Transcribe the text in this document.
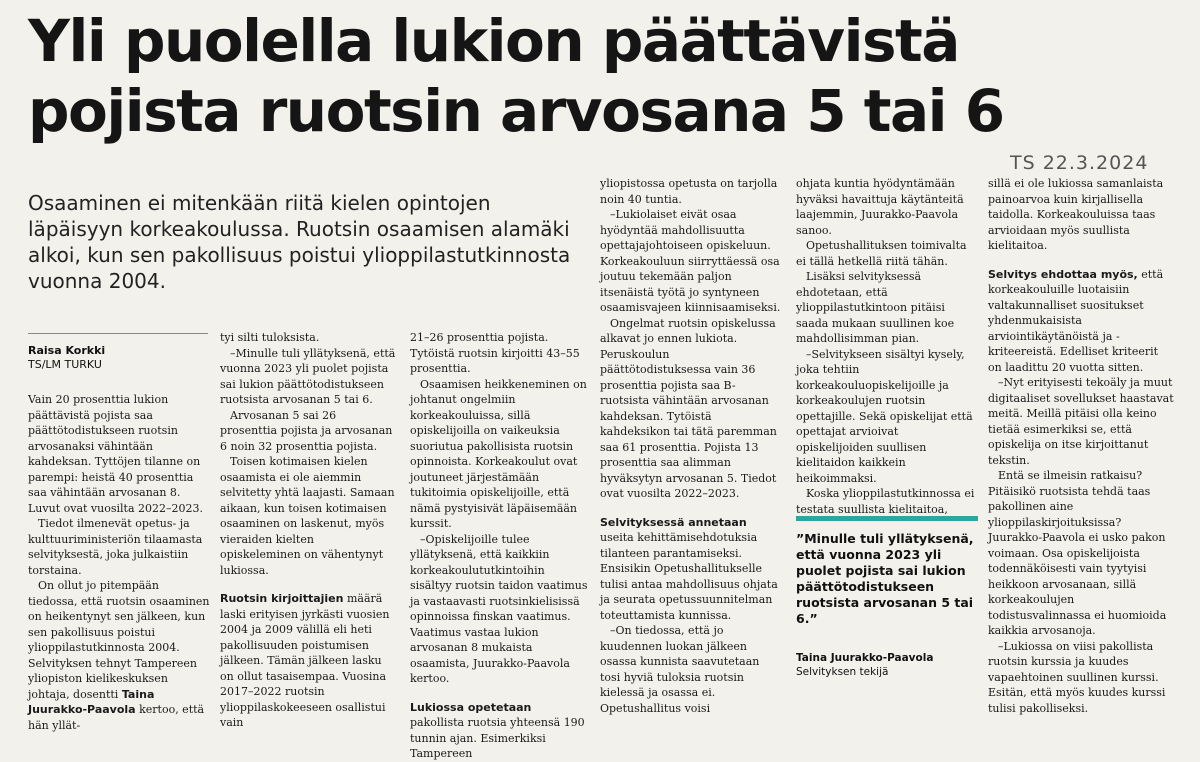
Yli puolella lukion päättävistä
pojista ruotsin arvosana 5 tai 6
TS 22.3.2024
Osaaminen ei mitenkään riitä kielen opintojen läpäisyyn korkeakoulussa. Ruotsin osaamisen alamäki alkoi, kun sen pakollisuus poistui ylioppilastutkinnosta vuonna 2004.
Raisa Korkki
TS/LM TURKU

Vain 20 prosenttia lukion päättävistä pojista saa päättötodistukseen ruotsin arvosanaksi vähintään kahdeksan. Tyttöjen tilanne on parempi: heistä 40 prosenttia saa vähintään arvosanan 8. Luvut ovat vuosilta 2022–2023.

Tiedot ilmenevät opetus- ja kulttuuriministeriön tilaamasta selvityksestä, joka julkaistiin torstaina.

On ollut jo pitempään tiedossa, että ruotsin osaaminen on heikentynyt sen jälkeen, kun sen pakollisuus poistui ylioppilastutkinnosta 2004. Selvityksen tehnyt Tampereen yliopiston kielikeskuksen johtaja, dosentti Taina Juurakko-Paavola kertoo, että hän yllät-

tyi silti tuloksista.

–Minulle tuli yllätyksenä, että vuonna 2023 yli puolet pojista sai lukion päättötodistukseen ruotsista arvosanan 5 tai 6.

Arvosanan 5 sai 26 prosenttia pojista ja arvosanan 6 noin 32 prosenttia pojista.

Toisen kotimaisen kielen osaamista ei ole aiemmin selvitetty yhtä laajasti. Samaan aikaan, kun toisen kotimaisen osaaminen on laskenut, myös vieraiden kielten opiskeleminen on vähentynyt lukiossa.

Ruotsin kirjoittajien määrä laski erityisen jyrkästi vuosien 2004 ja 2009 välillä eli heti pakollisuuden poistumisen jälkeen. Tämän jälkeen lasku on ollut tasaisempaa. Vuosina 2017–2022 ruotsin ylioppilaskokeeseen osallistui vain

21–26 prosenttia pojista. Tytöistä ruotsin kirjoitti 43–55 prosenttia.

Osaamisen heikkeneminen on johtanut ongelmiin korkeakouluissa, sillä opiskelijoilla on vaikeuksia suoriutua pakollisista ruotsin opinnoista. Korkeakoulut ovat joutuneet järjestämään tukitoimia opiskelijoille, että nämä pystyisivät läpäisemään kurssit.

–Opiskelijoille tulee yllätyksenä, että kaikkiin korkeakoulututkintoihin sisältyy ruotsin taidon vaatimus ja vastaavasti ruotsinkielisissä opinnoissa finskan vaatimus. Vaatimus vastaa lukion arvosanan 8 mukaista osaamista, Juurakko-Paavola kertoo.

Lukiossa opetetaan pakollista ruotsia yhteensä 190 tunnin ajan. Esimerkiksi Tampereen

yliopistossa opetusta on tarjolla noin 40 tuntia.

–Lukiolaiset eivät osaa hyödyntää mahdollisuutta opettajajohtoiseen opiskeluun. Korkeakouluun siirryttäessä osa joutuu tekemään paljon itsenäistä työtä jo syntyneen osaamisvajeen kiinnisaamiseksi.

Ongelmat ruotsin opiskelussa alkavat jo ennen lukiota. Peruskoulun päättötodistuksessa vain 36 prosenttia pojista saa B-ruotsista vähintään arvosanan kahdeksan. Tytöistä kahdeksikon tai tätä paremman saa 61 prosenttia. Pojista 13 prosenttia saa alimman hyväksytyn arvosanan 5. Tiedot ovat vuosilta 2022–2023.

Selvityksessä annetaan useita kehittämisehdotuksia tilanteen parantamiseksi. Ensisikin Opetushallitukselle tulisi antaa mahdollisuus ohjata ja seurata opetussuunnitelman toteuttamista kunnissa.

–On tiedossa, että jo kuudennen luokan jälkeen osassa kunnista saavutetaan tosi hyviä tuloksia ruotsin kielessä ja osassa ei. Opetushallitus voisi

ohjata kuntia hyödyntämään hyväksi havaittuja käytänteitä laajemmin, Juurakko-Paavola sanoo.

Opetushallituksen toimivalta ei tällä hetkellä riitä tähän.

Lisäksi selvityksessä ehdotetaan, että ylioppilastutkintoon pitäisi saada mukaan suullinen koe mahdollisimman pian.

–Selvitykseen sisältyi kysely, joka tehtiin korkeakouluopiskelijoille ja korkeakoulujen ruotsin opettajille. Sekä opiskelijat että opettajat arvioivat opiskelijoiden suullisen kielitaidon kaikkein heikoimmaksi.

Koska ylioppilastutkinnossa ei testata suullista kielitaitoa,

”Minulle tuli yllätyksenä, että vuonna 2023 yli puolet pojista sai lukion päättötodistukseen ruotsista arvosanan 5 tai 6.”
Taina Juurakko-Paavola
Selvityksen tekijä

sillä ei ole lukiossa samanlaista painoarvoa kuin kirjallisella taidolla. Korkeakouluissa taas arvioidaan myös suullista kielitaitoa.

Selvitys ehdottaa myös, että korkeakouluille luotaisiin valtakunnalliset suositukset yhdenmukaisista arviointikäytänöistä ja -kriteereistä. Edelliset kriteerit on laadittu 20 vuotta sitten.

–Nyt erityisesti tekoäly ja muut digitaaliset sovellukset haastavat meitä. Meillä pitäisi olla keino tietää esimerkiksi se, että opiskelija on itse kirjoittanut tekstin.

Entä se ilmeisin ratkaisu? Pitäisikö ruotsista tehdä taas pakollinen aine ylioppilaskirjoituksissa? Juurakko-Paavola ei usko pakon voimaan. Osa opiskelijoista todennäköisesti vain tyytyisi heikkoon arvosanaan, sillä korkeakoulujen todistusvalinnassa ei huomioida kaikkia arvosanoja.

–Lukiossa on viisi pakollista ruotsin kurssia ja kuudes vapaehtoinen suullinen kurssi. Esitän, että myös kuudes kurssi tulisi pakolliseksi.
